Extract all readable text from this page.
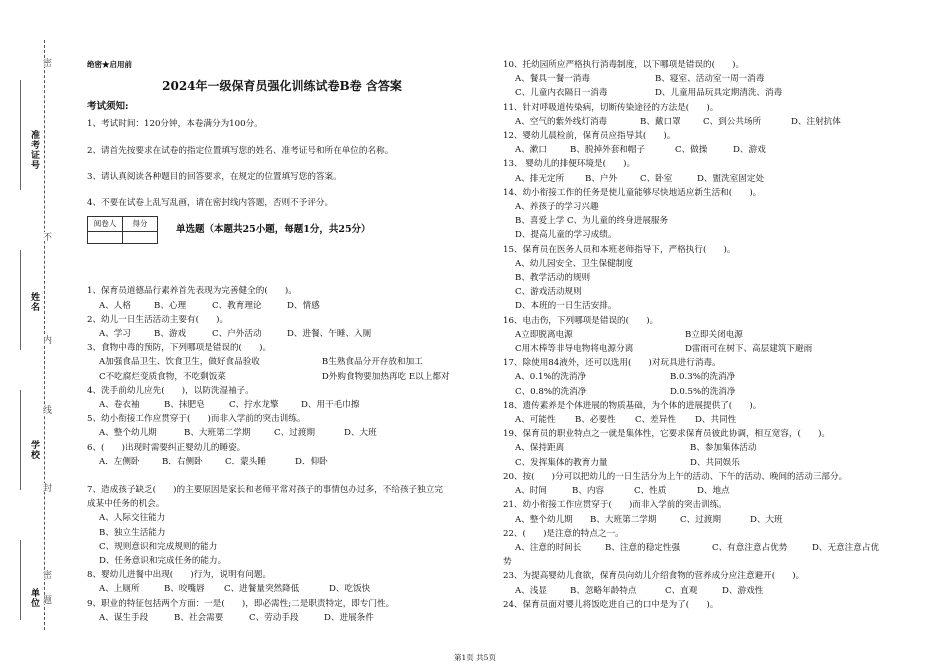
准考证号
姓名
学校
单位
密
不
内
线
封
题
密
绝密★启用前
2024年一级保育员强化训练试卷B卷 含答案
考试须知:
1、考试时间：120分钟，本卷满分为100分。
2、请首先按要求在试卷的指定位置填写您的姓名、准考证号和所在单位的名称。
3、请认真阅读各种题目的回答要求，在规定的位置填写您的答案。
4、不要在试卷上乱写乱画，请在密封线内答题，否则不予评分。
阅卷人	得分

单选题（本题共25小题，每题1分，共25分）
1、保育员道德品行素养首先表现为完善健全的(　　)。
A、人格	B、心理	C、教育理论	D、情感
2、幼儿一日生活活动主要有(　　)。
A、学习	B、游戏	C、户外活动	D、进餐、午睡、入厕
3、食物中毒的预防，下列哪项是错误的(　　)。
A加强食品卫生、饮食卫生，做好食品验收	B生熟食品分开存放和加工
C不吃腐烂变质食物，不吃剩饭菜	D外购食物要加热再吃 E以上都对
4、洗手前幼儿应先(　　)，以防洗湿袖子。
A、卷衣袖	B、抹肥皂	C、拧水龙擎	D、用干毛巾擦
5、幼小衔接工作应贯穿于(　　)而非入学前的突击训练。
A、整个幼儿期	B、大班第二学期	C、过渡期	D、大班
6、(　　)出现时需要纠正婴幼儿的睡姿。
A．左侧卧	B．右侧卧	C．蒙头睡	D．仰卧
7、造成孩子缺乏(　　)的主要原因是家长和老师平常对孩子的事情包办过多，不给孩子独立完
成某中任务的机会。
A、人际交往能力
B、独立生活能力
C、规则意识和完成规则的能力
D、任务意识和完成任务的能力。
8、婴幼儿进餐中出现(　　)行为，说明有问题。
A、上厕所	B、咬嘴唇	C、进餐量突然降低	D、吃饭快
9、职业的特征包括两个方面：一是(　　)，即必需性;二是职责特定，即专门性。
A、谋生手段	B、社会需要	C、劳动手段	D、进展条件
10、托幼园所应严格执行消毒制度，以下哪项是错误的(　　)。
A、餐具一餐一消毒	B、寝室、活动室一周一消毒
C、儿童内衣隔日一消毒	D、儿童用品玩具定期清洗、消毒
11、针对呼吸道传染病，切断传染途径的方法是(　　)。
A、空气的紫外线灯消毒	B、戴口罩	C、到公共场所	D、注射抗体
12、婴幼儿晨检前，保育员应指导其(　　)。
A、漱口	B、脱掉外套和帽子	C、做操	D、游戏
13、 婴幼儿的排便环境是(　　)。
A、排无定所	B、户外	C、卧室	D、盥洗室固定处
14、幼小衔接工作的任务是使儿童能够尽快地适应新生活和(　　)。
A、养孩子的学习兴趣
B、喜爱上学 C、为儿童的终身进展服务
D、提高儿童的学习成绩。
15、保育员在医务人员和本班老师指导下，严格执行(　　)。
A、幼儿园安全、卫生保健制度
B、教学活动的规则
C、游戏活动规则
D、本班的一日生活安排。
16、电击伤，下列哪项是错误的(　　)。
A立即脱离电源	B立即关闭电源
C用木棒等非导电物将电源分离	D雷雨可在树下、高层建筑下避雨
17、除使用84液外，还可以选用(　　)对玩具进行消毒。
A、0.1%的洗消净	B.0.3%的洗消净
C、0.8%的洗消净	D.0.5%的洗消净
18、遗传素养是个体进展的物质基础，为个体的进展提供了(　　)。
A、可能性	B、必要性	C、差异性	D、共同性
19、保育员的职业特点之一就是集体性，它要求保育员彼此协调，相互宽容，(　　)。
A、保持距离	B、参加集体活动
C、发挥集体的教育力量	D、共同娱乐
20、按(　　)分可以把幼儿的一日生活分为上午的活动、下午的活动、晚间的活动三部分。
A、时间	B、内容	C、性质	D、地点
21、幼小衔接工作应贯穿于(　　)而非入学前的突击训练。
A、整个幼儿期	B、大班第二学期	C、过渡期	D、大班
22、(　　)是注意的特点之一。
A、注意的时间长	B、注意的稳定性强	C、有意注意占优势	D、无意注意占优
势
23、为提高婴幼儿食欲，保育员向幼儿介绍食物的营养成分应注意避开(　　)。
A、浅显	B、忽略年龄特点	C、直观	D、游戏性
24、保育员面对婴儿将饭吃进自己的口中是为了(　　)。
第1页 共5页
